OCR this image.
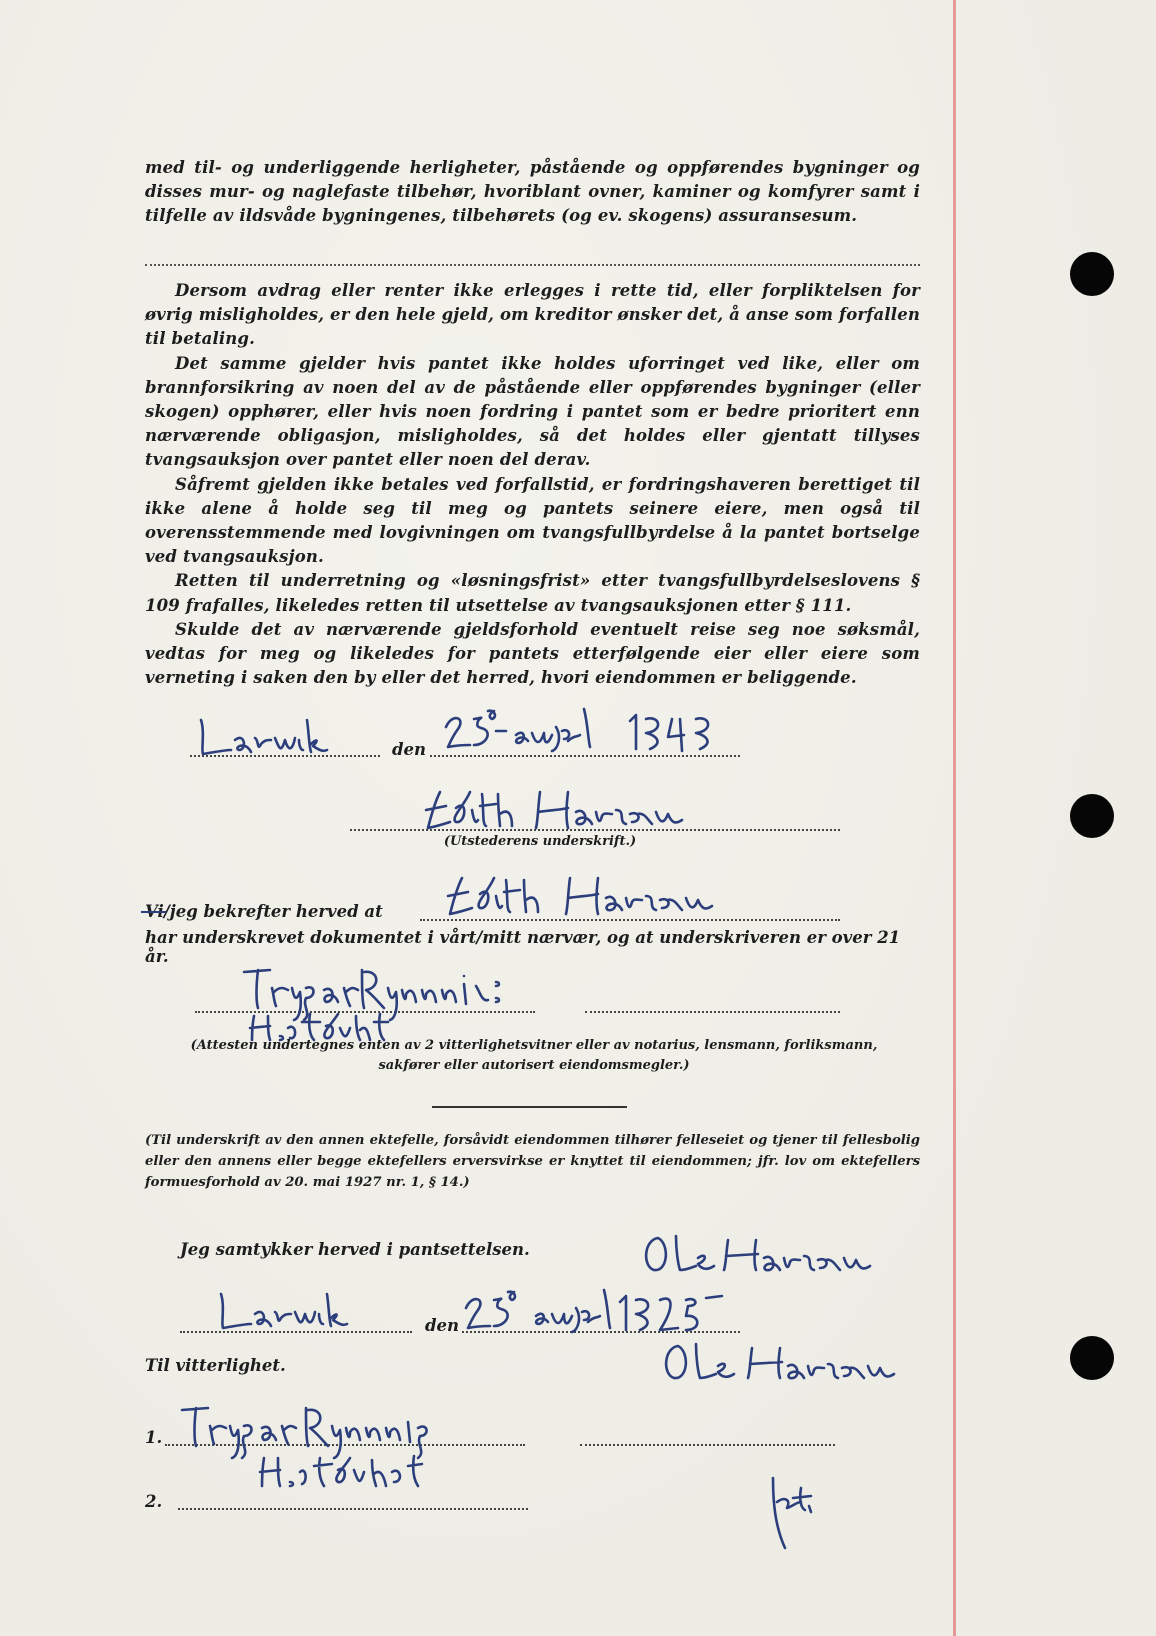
med til- og underliggende herligheter, påstående og oppførendes bygninger og disses mur- og naglefaste tilbehør, hvoriblant ovner, kaminer og komfyrer samt i tilfelle av ildsvåde bygningenes, tilbehørets (og ev. skogens) assuransesum.

Dersom avdrag eller renter ikke erlegges i rette tid, eller forpliktelsen for øvrig misligholdes, er den hele gjeld, om kreditor ønsker det, å anse som forfallen til betaling.

Det samme gjelder hvis pantet ikke holdes uforringet ved like, eller om brannforsikring av noen del av de påstående eller oppførendes bygninger (eller skogen) opphører, eller hvis noen fordring i pantet som er bedre prioritert enn nærværende obligasjon, misligholdes, så det holdes eller gjentatt tillyses tvangsauksjon over pantet eller noen del derav.

Såfremt gjelden ikke betales ved forfallstid, er fordringshaveren berettiget til ikke alene å holde seg til meg og pantets seinere eiere, men også til overensstemmende med lovgivningen om tvangsfullbyrdelse å la pantet bortselge ved tvangsauksjon.

Retten til underretning og «løsningsfrist» etter tvangsfullbyrdelseslovens § 109 frafalles, likeledes retten til utsettelse av tvangsauksjonen etter § 111.

Skulde det av nærværende gjeldsforhold eventuelt reise seg noe søksmål, vedtas for meg og likeledes for pantets etterfølgende eier eller eiere som verneting i saken den by eller det herred, hvori eiendommen er beliggende.

den
(Utstederens underskrift.)
Vi
/jeg bekrefter herved at
har underskrevet dokumentet i vårt/mitt nærvær, og at underskriveren er over 21 år.
(Attesten undertegnes enten av 2 vitterlighetsvitner eller av notarius, lensmann, forliksmann,
sakfører eller autorisert eiendomsmegler.)
(Til underskrift av den annen ektefelle, forsåvidt eiendommen tilhører felleseiet og tjener til fellesbolig eller den annens eller begge ektefellers erversvirkse er knyttet til eiendommen; jfr. lov om ektefellers formuesforhold av 20. mai 1927 nr. 1, § 14.)
Jeg samtykker herved i pantsettelsen.
den
Til vitterlighet.
1.
2.
